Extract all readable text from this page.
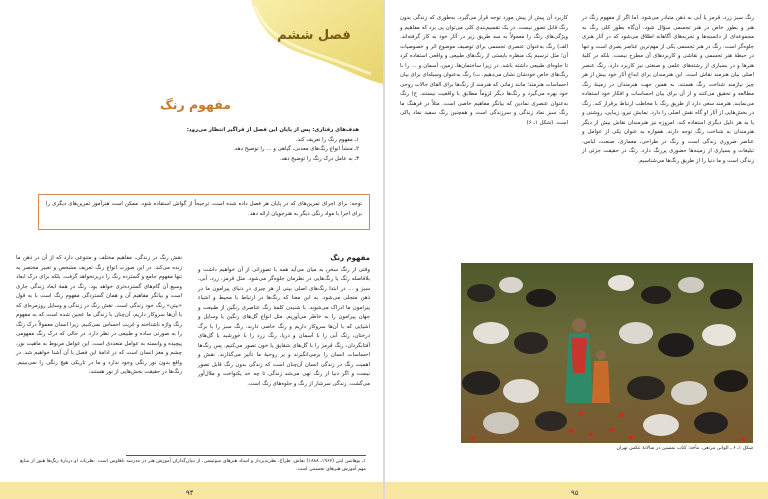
فصل ششم
مفهوم رنگ
هدف‌های رفتاری: پس از پایان این فصل از فراگیر انتظار می‌رود:
۱ـ مفهوم رنگ را تعریف کند.
۲ـ منشأ انواع رنگ‌های معدنی، گیاهی و … را توضیح دهد.
۳ـ به عامل درک رنگ را توضیح دهد.
توجه: برای اجرای تمرین‌های که در پایان هر فصل داده شده است، ترجیحاً از گواش استفاده شود. ممکن است هنرآموز تمرین‌های دیگری را برای اجرا با مواد رنگی دیگر به هنرجویان ارائه دهد.
مفهوم رنگ
وقتی از رنگ سخن به میان می‌آید همه با تصوراتی از آن خواهیم داشت و بلافاصله رنگ یا رنگ‌هایی در نظرمان جلوه‌گر می‌شود. مثل قرمز، زرد، آبی، سبز و … در ابتدا رنگ‌های اصلی بینی از هر چیزی در دنیای پیرامون ما در ذهن متجلی می‌شود. به این معنا که رنگ‌ها در ارتباط با محیط و اشیاء پیرامون ما ادراک می‌شوند. با شنیدن کلمهٔ رنگ عناصری رنگین از طبیعت و جهان پیرامون را به خاطر می‌آوریم. مثل انواع گل‌های رنگین یا وسایل و اشیایی که با آن‌ها سروکار داریم و رنگ خاصی دارند. رنگ سبز را با برگ درختان، رنگ آبی را با آسمان و دریا، رنگ زرد را با خورشید یا گل‌های آفتابگردان، رنگ قرمز را با گل‌های شقایق یا خون تصور می‌کنیم. پس رنگ‌ها احساسات انسان را برمی‌انگیزند و بر روحیهٔ ما تأثیر می‌گذارند. نقش و اهمیت رنگ در زندگی انسان آن‌چنان است که زندگی بدون رنگ قابل تصور نیست و اگر دنیا از رنگ تهی می‌شد زندگی تا چه حد یکنواخت و ملال‌آور می‌گشت. زندگی سرشار از رنگ و جلوه‌های رنگ است.
نقش رنگ در زندگی، مفاهیم مختلف و متنوعی دارد که از آن در ذهن ما زنده می‌کند. در این صورت انواع رنگ تعریف مشخص و تعبیر مختصر به تنها مفهوم جامع و گسترده رنگ را دربرنخواهد گرفت. بلکه برای درک ابعاد وسیع آن گام‌های گسترده‌تری خواهد بود. رنگ در همهٔ ابعاد زندگی جاری است و بیانگر مفاهیم آن و همان گستردگی مفهوم رنگ است با به قول «بیتن» رنگ خود زندگی است. نقش رنگ در زندگی و وسایل روزمره‌ای که با آن‌ها سروکار داریم، آن‌چنان با زندگی ما عجین شده است که به مفهوم رنگ واژه ناشناخته و غریب احساس نمی‌کنیم. زیرا انسان معمولاً درک رنگ را به صورتی ساده و طبیعی در نظر دارد. در حالی که درک رنگ مفهومی پیچیده و وابسته به عوامل متعددی است. این عوامل مربوط به ماهیت نور، چشم و مغز انسان است که در ادامهٔ این فصل با آن آشنا خواهیم شد. در واقع بدون نور رنگی وجود ندارد و ما در تاریکی هیچ رنگی را نمی‌بینیم. رنگ‌ها در حقیقت بخش‌هایی از نور هستند.
۱ـ یوهانس ایتن (۱۹۶۷ـ ۱۸۸۸) نقاش، طراح، نظریه‌پرداز و استاد هنرهای سوئیسی، از بنیان‌گذاران آموزش هنر در مدرسه باهاوس است. نظریات او دربارهٔ رنگ‌ها هنوز از منابع مهم آموزش هنرهای تجسمی است.
۹۴
رنگ سبز زرد، قرمز یا آبی به ذهن متبادر می‌شود. اما اگر از مفهوم رنگ در هنر و بطور خاص در هنر تجسمی سؤال شود، آن‌گاه بطور کلی رنگ به مجموعه‌ای از دانسته‌ها و تجربه‌های آگاهانه اطلاق می‌شود که در آثار هنری جلوه‌گر است. رنگ در هنر تجسمی یکی از مهم‌ترین عناصر بصری است و تنها در حیطهٔ هنر تجسمی و نقاشی و کاربردهای آن مطرح نیست. بلکه در کلیهٔ هنرها و در بسیاری از رشته‌های علمی و صنعتی نیز کاربرد دارد. رنگ عنصر اصلی بیان هنرمند نقاش است. این هنرمندان برای ابداع آثار خود بیش از هر چیز نیازمند شناخت رنگ هستند. به همین جهت هنرمندان در زمینهٔ رنگ مطالعه و تحقیق می‌کنند و از آن برای بیان احساسات و افکار خود استفاده می‌نمایند. هنرمند سعی دارد از طریق رنگ با مخاطب ارتباط برقرار کند. رنگ در بخش‌هایی از آثار او گاه نقش اصلی را دارد. نمایش نیرو، زیبایی، روشنی و یا به هر دلیل دیگری استفاده کند. امروزه نیز هنرمندان نقاش بیش از دیگر هنرمندان به شناخت رنگ توجه دارند. همواره به عنوان یکی از عوامل و عناصر ضروری زندگی است و رنگ در طراحی، معماری، صنعت، لباس، تبلیغات و بسیاری از زمینه‌ها حضوری پررنگ دارد. رنگ در حقیقت جزئی از زندگی است و ما دنیا را از طریق رنگ‌ها می‌شناسیم.
کاربرد آن پیش از پیش مورد توجه قرار می‌گیرد. به‌طوری که زندگی بدون رنگ قابل تصور نیست. در یک تقسیم‌بندی کلی می‌توان پی برد که مفاهیم و ویژگی‌های رنگ را معمولاً به سه طریق زیر در آثار خود به کار گرفته‌اند. الف) رنگ به‌عنوان عنصری تجسمی برای توصیف موضوع اثر و خصوصیات آن؛ مثل ترسیم یک منظره بایستی از رنگ‌های طبیعی و واقعی استفاده کرد تا جلوه‌ای طبیعی داشته باشد. در زیرا ساختمان‌ها، زمین، آسمان و … را با رنگ‌های خاص خودشان نشان می‌دهیم. ب) رنگ به‌عنوان وسیله‌ای برای بیان احساسات هنرمند؛ مانند زمانی که هنرمند از رنگ‌ها برای القای حالات روحی خود بهره می‌گیرد و رنگ‌ها دیگر لزوماً مطابق با واقعیت نیستند. ج) رنگ به‌عنوان عنصری نمادین که بیانگر مفاهیم خاصی است. مثلاً در فرهنگ ما رنگ سبز نماد زندگی و سرزندگی است و همچنین رنگ سفید نماد پاکی است. (شکل ۱ـ ۶)
شکل ۱ـ ۶ ـ الوانی مرتعی. مأخذ: کتاب تمسین در سالانهٔ عکس تهران
۹۵
